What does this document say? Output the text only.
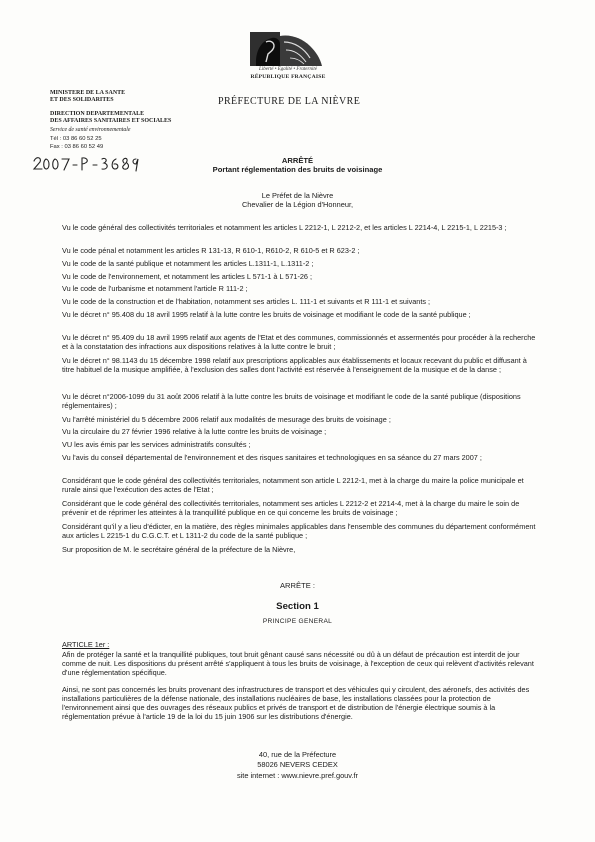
Liberté • Égalité • Fraternité
RÉPUBLIQUE FRANÇAISE
MINISTERE DE LA SANTE
ET DES SOLIDARITES
DIRECTION DEPARTEMENTALE
DES AFFAIRES SANITAIRES ET SOCIALES
Service de santé environnementale
Tél : 03 86 60 52 25
Fax : 03 86 60 52 49
PRÉFECTURE DE LA NIÈVRE
ARRÊTÉ
Portant réglementation des bruits de voisinage
Le Préfet de la Nièvre
Chevalier de la Légion d'Honneur,
Vu le code général des collectivités territoriales et notamment les articles L 2212-1, L 2212-2, et les articles L 2214-4, L 2215-1, L 2215-3 ;
Vu le code pénal et notamment les articles R 131-13, R 610-1, R610-2, R 610-5 et R 623-2 ;
Vu le code de la santé publique et notamment les articles L.1311-1, L.1311-2 ;
Vu le code de l'environnement, et notamment les articles L 571-1 à L 571-26 ;
Vu le code de l'urbanisme et notamment l'article R 111-2 ;
Vu le code de la construction et de l'habitation, notamment ses articles L. 111-1 et suivants et R 111-1 et suivants ;
Vu le décret n° 95.408 du 18 avril 1995 relatif à la lutte contre les bruits de voisinage et modifiant le code de la santé publique ;
Vu le décret n° 95.409 du 18 avril 1995 relatif aux agents de l'Etat et des communes, commissionnés et assermentés pour procéder à la recherche et à la constatation des infractions aux dispositions relatives à la lutte contre le bruit ;
Vu le décret n° 98.1143 du 15 décembre 1998 relatif aux prescriptions applicables aux établissements et locaux recevant du public et diffusant à titre habituel de la musique amplifiée, à l'exclusion des salles dont l'activité est réservée à l'enseignement de la musique et de la danse ;
Vu le décret n°2006-1099 du 31 août 2006 relatif à la lutte contre les bruits de voisinage et modifiant le code de la santé publique (dispositions réglementaires) ;
Vu l'arrêté ministériel du 5 décembre 2006 relatif aux modalités de mesurage des bruits de voisinage ;
Vu la circulaire du 27 février 1996 relative à la lutte contre les bruits de voisinage ;
VU les avis émis par les services administratifs consultés ;
Vu l'avis du conseil départemental de l'environnement et des risques sanitaires et technologiques en sa séance du 27 mars 2007 ;
Considérant que le code général des collectivités territoriales, notamment son article L 2212-1, met à la charge du maire la police municipale et rurale ainsi que l'exécution des actes de l'Etat ;
Considérant que le code général des collectivités territoriales, notamment ses articles L 2212-2 et 2214-4, met à la charge du maire le soin de prévenir et de réprimer les atteintes à la tranquillité publique en ce qui concerne les bruits de voisinage ;
Considérant qu'il y a lieu d'édicter, en la matière, des règles minimales applicables dans l'ensemble des communes du département conformément aux articles L 2215-1 du C.G.C.T. et L 1311-2 du code de la santé publique ;
Sur proposition de M. le secrétaire général de la préfecture de la Nièvre,
ARRÊTE :
Section 1
PRINCIPE GENERAL
ARTICLE 1er :
Afin de protéger la santé et la tranquillité publiques, tout bruit gênant causé sans nécessité ou dû à un défaut de précaution est interdit de jour comme de nuit. Les dispositions du présent arrêté s'appliquent à tous les bruits de voisinage, à l'exception de ceux qui relèvent d'activités relevant d'une réglementation spécifique.
Ainsi, ne sont pas concernés les bruits provenant des infrastructures de transport et des véhicules qui y circulent, des aéronefs, des activités des installations particulières de la défense nationale, des installations nucléaires de base, les installations classées pour la protection de l'environnement ainsi que des ouvrages des réseaux publics et privés de transport et de distribution de l'énergie électrique soumis à la réglementation prévue à l'article 19 de la loi du 15 juin 1906 sur les distributions d'énergie.
40, rue de la Préfecture
58026 NEVERS CEDEX
site internet : www.nievre.pref.gouv.fr
